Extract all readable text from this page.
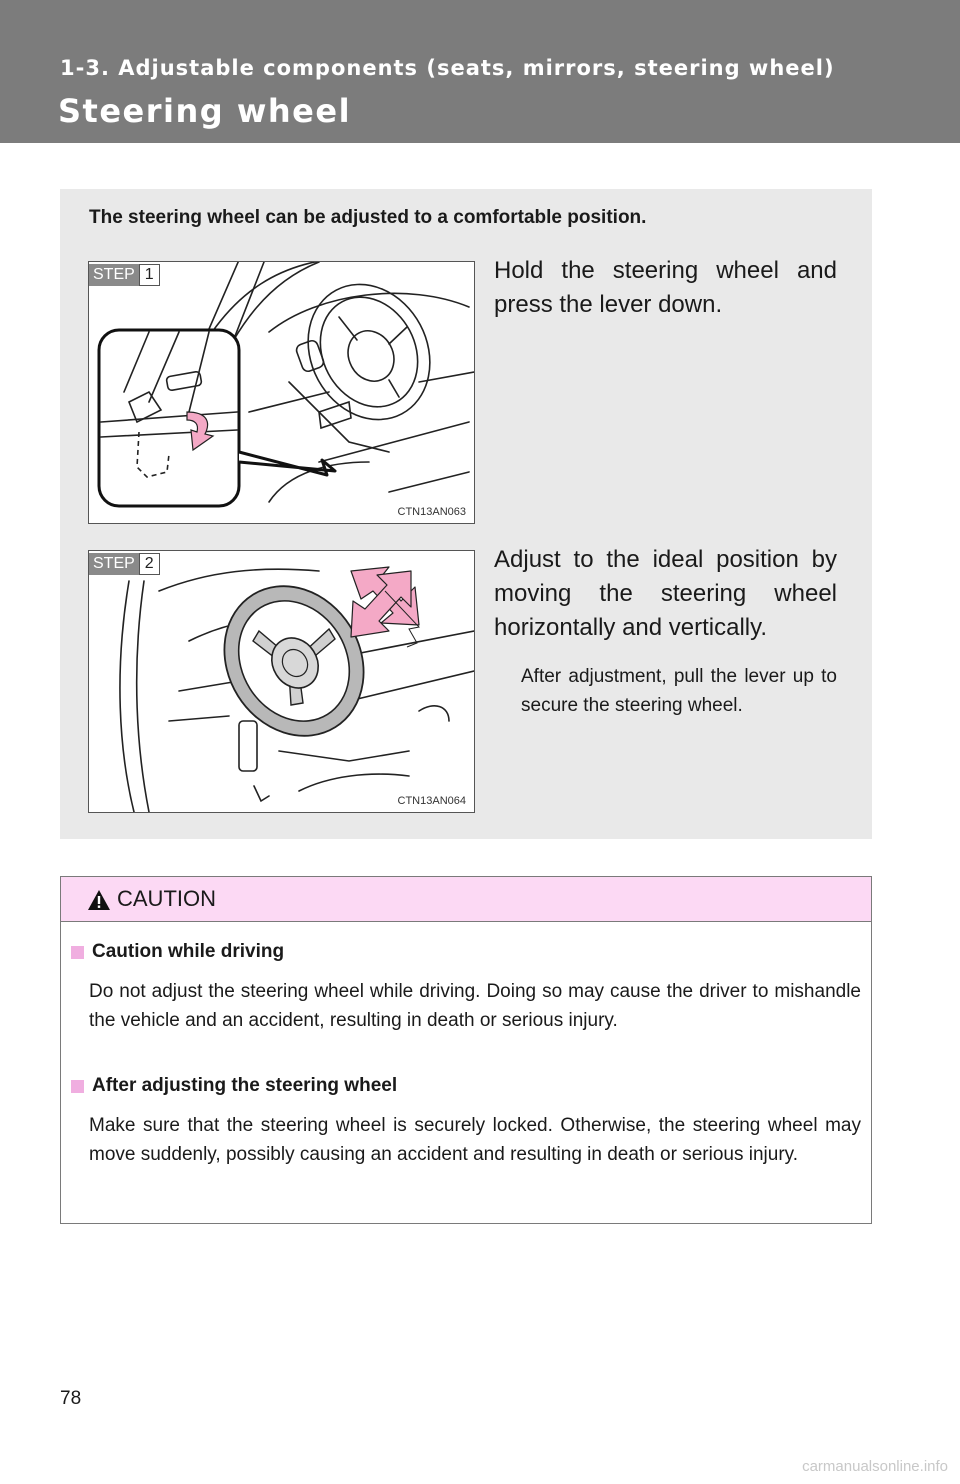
1-3. Adjustable components (seats, mirrors, steering wheel)
Steering wheel

The steering wheel can be adjusted to a comfortable position.

STEP 1
CTN13AN063

Hold the steering wheel and press the lever down.

STEP 2
CTN13AN064

Adjust to the ideal position by moving the steering wheel horizontally and vertically.

After adjustment, pull the lever up to secure the steering wheel.

CAUTION

Caution while driving

Do not adjust the steering wheel while driving. Doing so may cause the driver to mishandle the vehicle and an accident, resulting in death or serious injury.

After adjusting the steering wheel

Make sure that the steering wheel is securely locked. Otherwise, the steering wheel may move suddenly, possibly causing an accident and resulting in death or serious injury.

78
carmanualsonline.info
